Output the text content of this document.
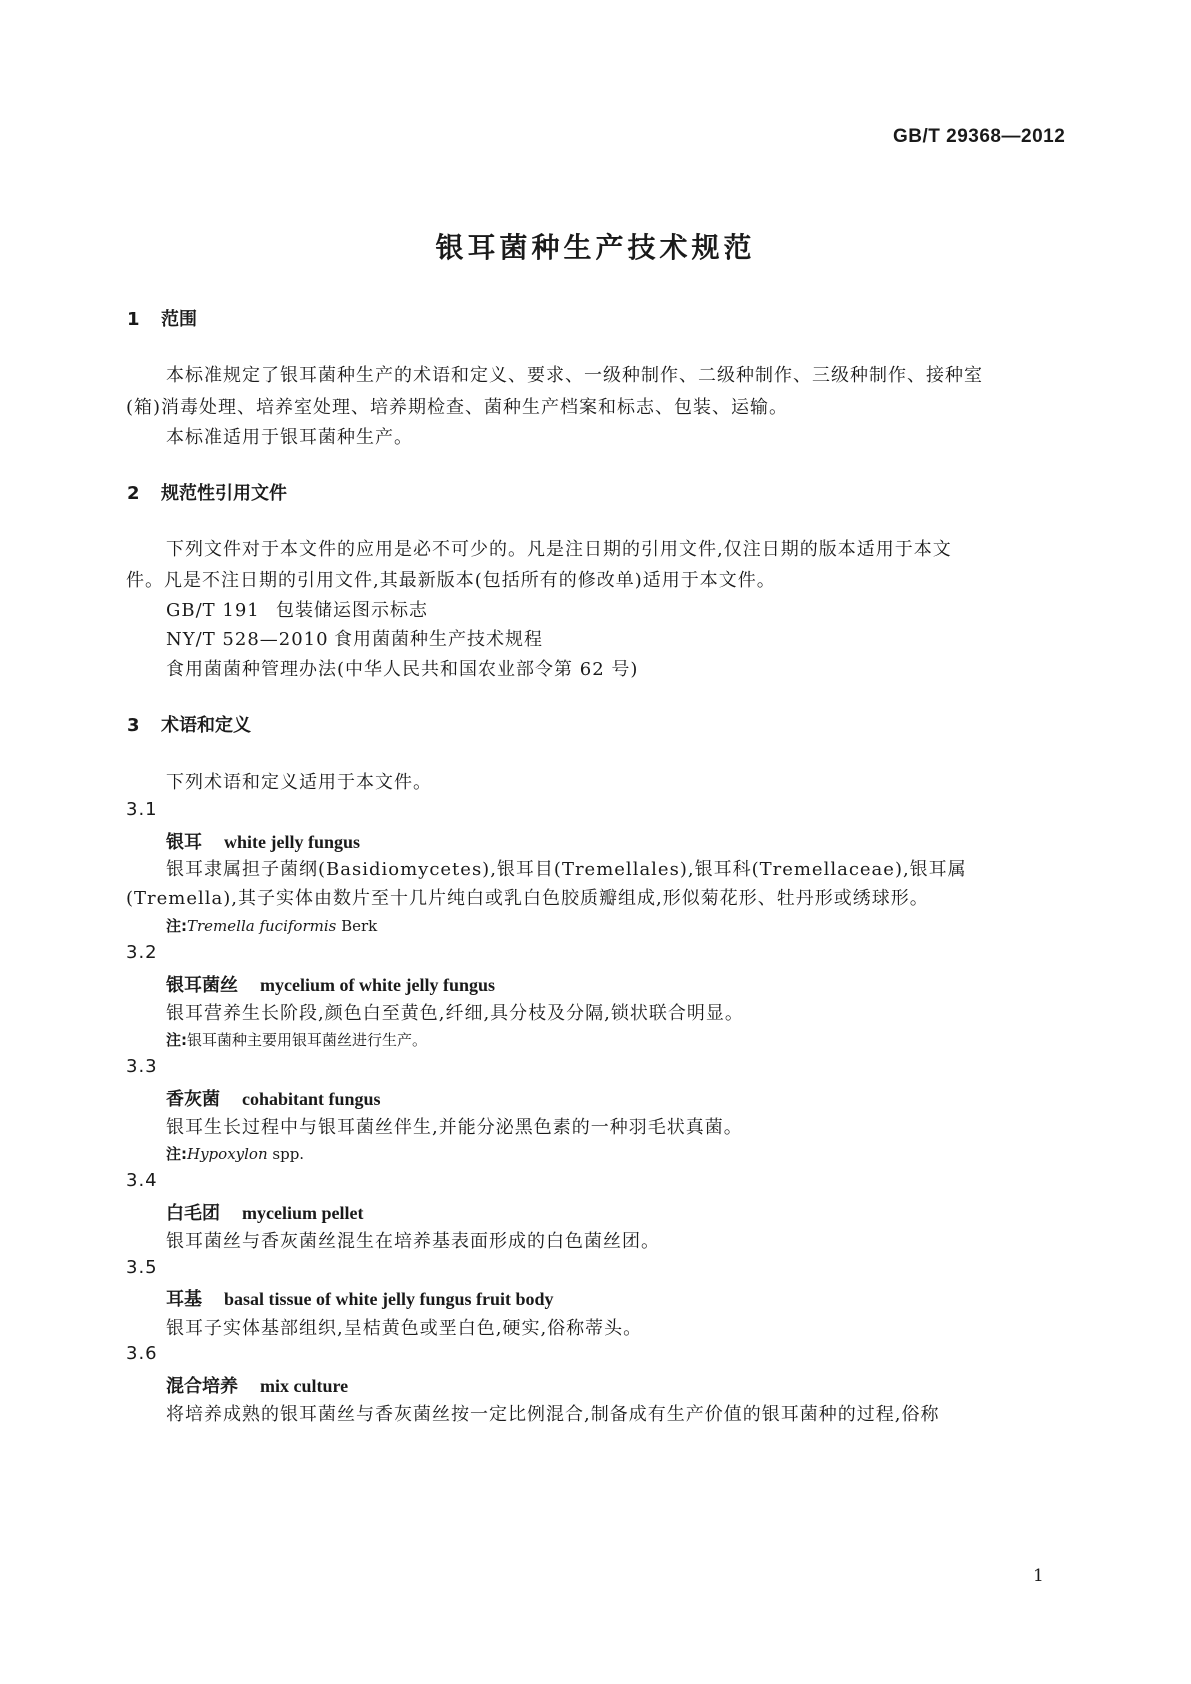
GB/T 29368—2012
银耳菌种生产技术规范
1 范围
本标准规定了银耳菌种生产的术语和定义、要求、一级种制作、二级种制作、三级种制作、接种室
(箱)消毒处理、培养室处理、培养期检查、菌种生产档案和标志、包装、运输。
本标准适用于银耳菌种生产。
2 规范性引用文件
下列文件对于本文件的应用是必不可少的。凡是注日期的引用文件,仅注日期的版本适用于本文
件。凡是不注日期的引用文件,其最新版本(包括所有的修改单)适用于本文件。
GB/T 191 包装储运图示标志
NY/T 528—2010 食用菌菌种生产技术规程
食用菌菌种管理办法(中华人民共和国农业部令第 62 号)
3 术语和定义
下列术语和定义适用于本文件。
3.1
银耳 white jelly fungus
银耳隶属担子菌纲(Basidiomycetes),银耳目(Tremellales),银耳科(Tremellaceae),银耳属
(Tremella),其子实体由数片至十几片纯白或乳白色胶质瓣组成,形似菊花形、牡丹形或绣球形。
注:Tremella fuciformis Berk
3.2
银耳菌丝 mycelium of white jelly fungus
银耳营养生长阶段,颜色白至黄色,纤细,具分枝及分隔,锁状联合明显。
注:银耳菌种主要用银耳菌丝进行生产。
3.3
香灰菌 cohabitant fungus
银耳生长过程中与银耳菌丝伴生,并能分泌黑色素的一种羽毛状真菌。
注:Hypoxylon spp.
3.4
白毛团 mycelium pellet
银耳菌丝与香灰菌丝混生在培养基表面形成的白色菌丝团。
3.5
耳基 basal tissue of white jelly fungus fruit body
银耳子实体基部组织,呈桔黄色或垩白色,硬实,俗称蒂头。
3.6
混合培养 mix culture
将培养成熟的银耳菌丝与香灰菌丝按一定比例混合,制备成有生产价值的银耳菌种的过程,俗称
1
